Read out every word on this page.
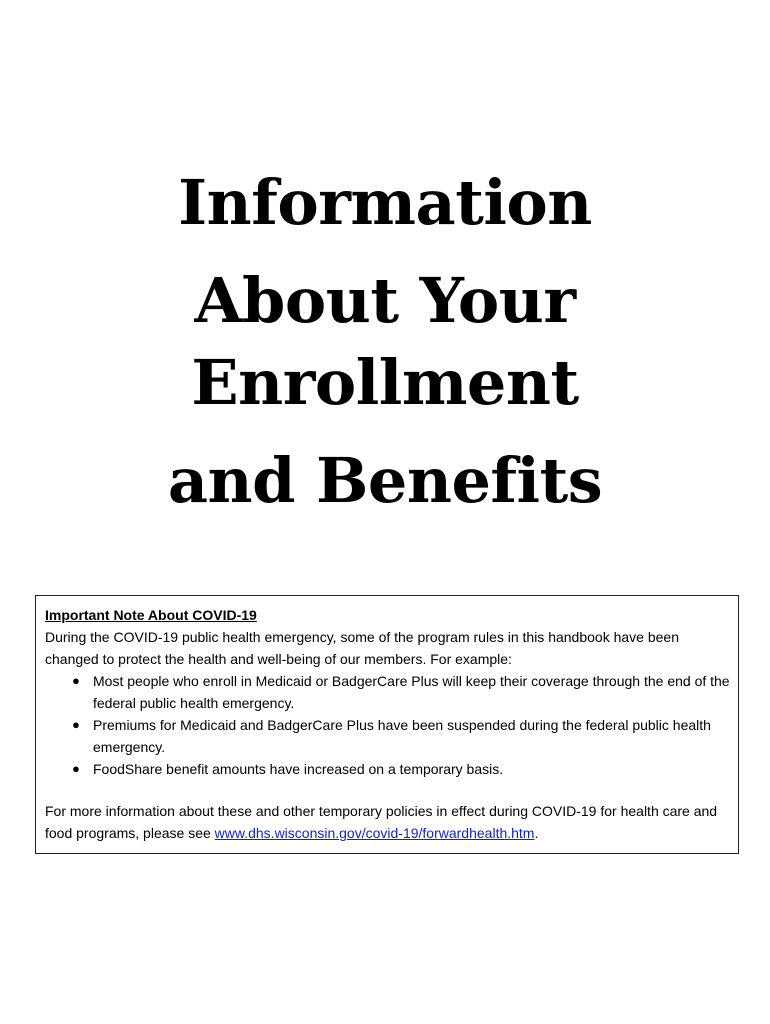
Information

About Your

Enrollment

and Benefits

Important Note About COVID-19

During the COVID-19 public health emergency, some of the program rules in this handbook have been changed to protect the health and well-being of our members. For example:

● Most people who enroll in Medicaid or BadgerCare Plus will keep their coverage through the end of the federal public health emergency.
● Premiums for Medicaid and BadgerCare Plus have been suspended during the federal public health emergency.
● FoodShare benefit amounts have increased on a temporary basis.

For more information about these and other temporary policies in effect during COVID-19 for health care and food programs, please see www.dhs.wisconsin.gov/covid-19/forwardhealth.htm.
